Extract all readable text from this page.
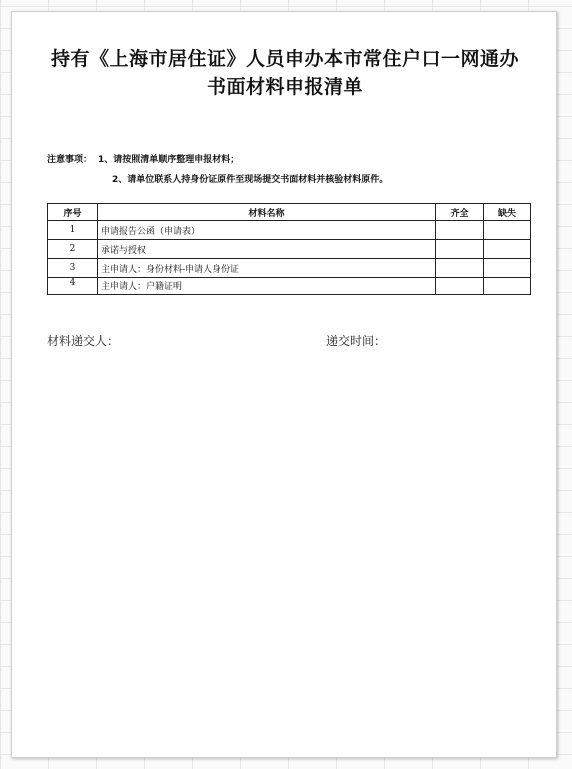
持有《上海市居住证》人员申办本市常住户口一网通办书面材料申报清单
注意事项： 1、请按照清单顺序整理申报材料；
2、请单位联系人持身份证原件至现场提交书面材料并核验材料原件。
序号	材料名称	齐全	缺失
1	申请报告公函（申请表）		
2	承诺与授权		
3	主申请人：身份材料-申请人身份证		
4	主申请人：户籍证明		
材料递交人：	递交时间：
